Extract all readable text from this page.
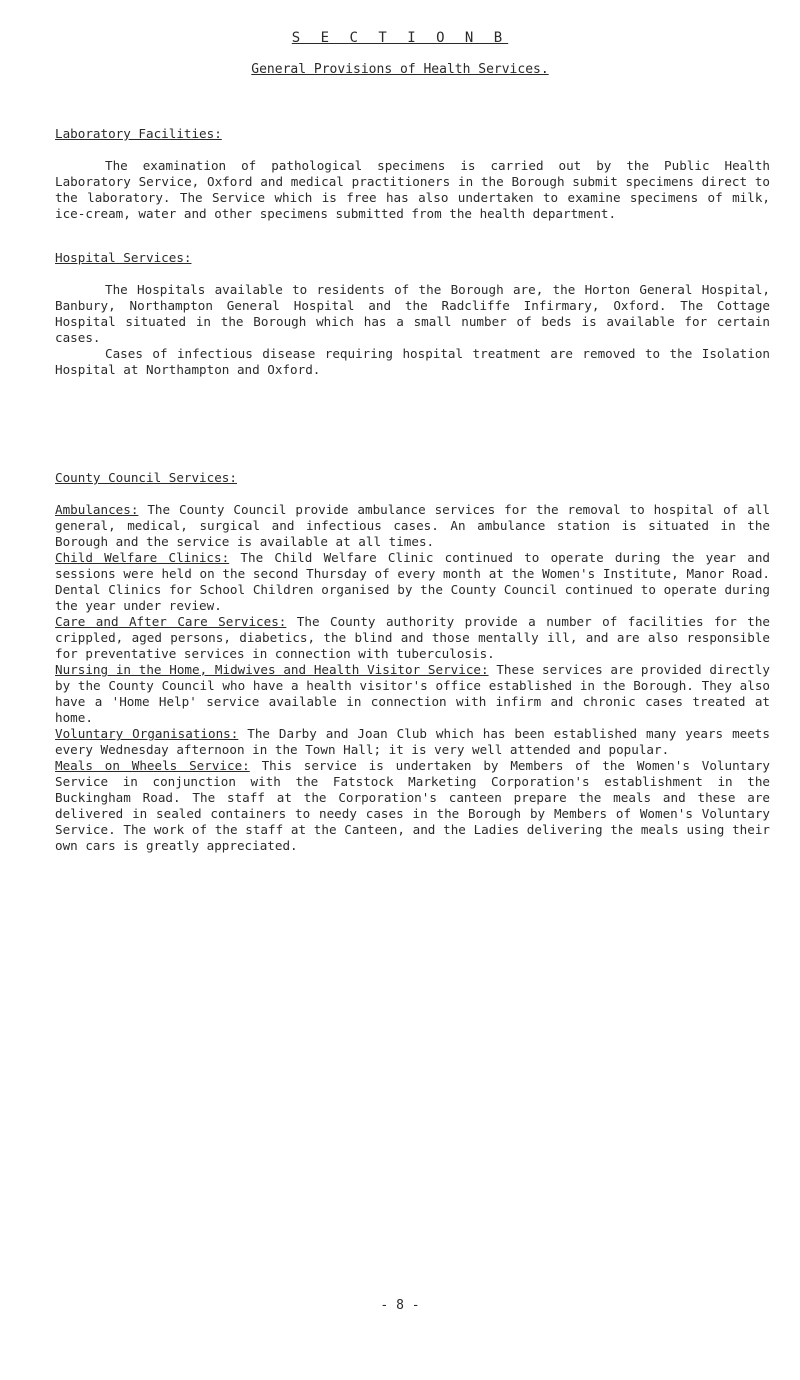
S E C T I O N B
General Provisions of Health Services.
Laboratory Facilities:

The examination of pathological specimens is carried out by the Public Health Laboratory Service, Oxford and medical practitioners in the Borough submit specimens direct to the laboratory. The Service which is free has also undertaken to examine specimens of milk, ice-cream, water and other specimens submitted from the health department.

Hospital Services:

The Hospitals available to residents of the Borough are, the Horton General Hospital, Banbury, Northampton General Hospital and the Radcliffe Infirmary, Oxford. The Cottage Hospital situated in the Borough which has a small number of beds is available for certain cases.

Cases of infectious disease requiring hospital treatment are removed to the Isolation Hospital at Northampton and Oxford.

County Council Services:

Ambulances: The County Council provide ambulance services for the removal to hospital of all general, medical, surgical and infectious cases. An ambulance station is situated in the Borough and the service is available at all times.

Child Welfare Clinics: The Child Welfare Clinic continued to operate during the year and sessions were held on the second Thursday of every month at the Women's Institute, Manor Road. Dental Clinics for School Children organised by the County Council continued to operate during the year under review.

Care and After Care Services: The County authority provide a number of facilities for the crippled, aged persons, diabetics, the blind and those mentally ill, and are also responsible for preventative services in connection with tuberculosis.

Nursing in the Home, Midwives and Health Visitor Service: These services are provided directly by the County Council who have a health visitor's office established in the Borough. They also have a 'Home Help' service available in connection with infirm and chronic cases treated at home.

Voluntary Organisations: The Darby and Joan Club which has been established many years meets every Wednesday afternoon in the Town Hall; it is very well attended and popular.

Meals on Wheels Service: This service is undertaken by Members of the Women's Voluntary Service in conjunction with the Fatstock Marketing Corporation's establishment in the Buckingham Road. The staff at the Corporation's canteen prepare the meals and these are delivered in sealed containers to needy cases in the Borough by Members of Women's Voluntary Service. The work of the staff at the Canteen, and the Ladies delivering the meals using their own cars is greatly appreciated.

- 8 -
